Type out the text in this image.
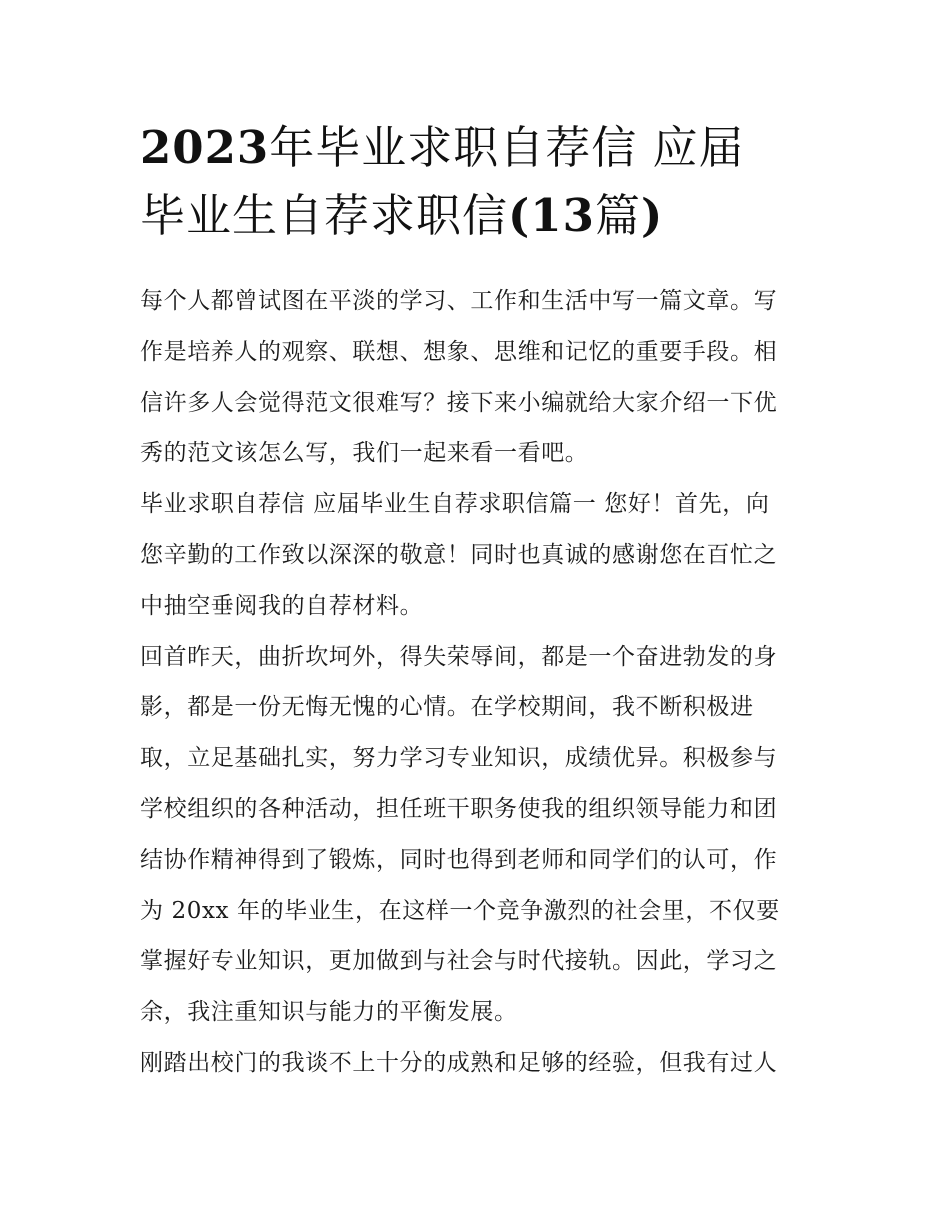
2023年毕业求职自荐信 应届
毕业生自荐求职信(13篇)

每个人都曾试图在平淡的学习、工作和生活中写一篇文章。写
作是培养人的观察、联想、想象、思维和记忆的重要手段。相
信许多人会觉得范文很难写？接下来小编就给大家介绍一下优
秀的范文该怎么写，我们一起来看一看吧。

毕业求职自荐信 应届毕业生自荐求职信篇一 您好！首先，向
您辛勤的工作致以深深的敬意！同时也真诚的感谢您在百忙之
中抽空垂阅我的自荐材料。

回首昨天，曲折坎坷外，得失荣辱间，都是一个奋进勃发的身
影，都是一份无悔无愧的心情。在学校期间，我不断积极进
取，立足基础扎实，努力学习专业知识，成绩优异。积极参与
学校组织的各种活动，担任班干职务使我的组织领导能力和团
结协作精神得到了锻炼，同时也得到老师和同学们的认可，作
为 20xx 年的毕业生，在这样一个竞争激烈的社会里，不仅要
掌握好专业知识，更加做到与社会与时代接轨。因此，学习之
余，我注重知识与能力的平衡发展。

刚踏出校门的我谈不上十分的成熟和足够的经验，但我有过人
